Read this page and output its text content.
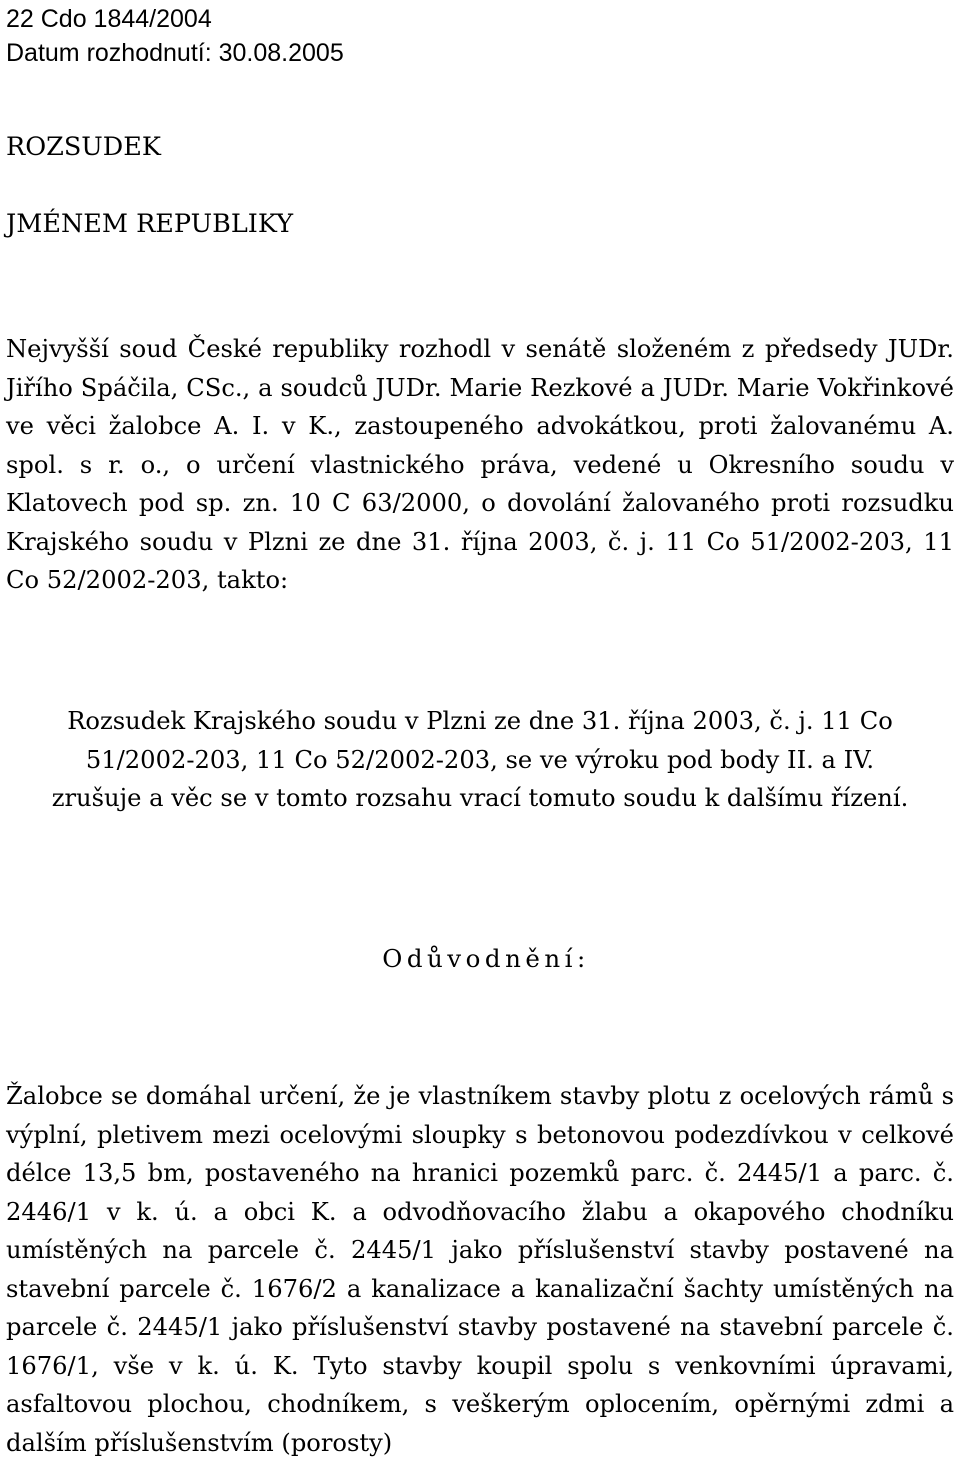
22 Cdo 1844/2004
Datum rozhodnutí: 30.08.2005
ROZSUDEK
JMÉNEM REPUBLIKY

Nejvyšší soud České republiky rozhodl v senátě složeném z předsedy JUDr. Jiřího Spáčila, CSc., a soudců JUDr. Marie Rezkové a JUDr. Marie Vokřinkové ve věci žalobce A. I. v K., zastoupeného advokátkou, proti žalovanému A. spol. s r. o., o určení vlastnického práva, vedené u Okresního soudu v Klatovech pod sp. zn. 10 C 63/2000, o dovolání žalovaného proti rozsudku Krajského soudu v Plzni ze dne 31. října 2003, č. j. 11 Co 51/2002-203, 11 Co 52/2002-203, takto:

Rozsudek Krajského soudu v Plzni ze dne 31. října 2003, č. j. 11 Co 51/2002-203, 11 Co 52/2002-203, se ve výroku pod body II. a IV. zrušuje a věc se v tomto rozsahu vrací tomuto soudu k dalšímu řízení.

Odůvodnění:

Žalobce se domáhal určení, že je vlastníkem stavby plotu z ocelových rámů s výplní, pletivem mezi ocelovými sloupky s betonovou podezdívkou v celkové délce 13,5 bm, postaveného na hranici pozemků parc. č. 2445/1 a parc. č. 2446/1 v k. ú. a obci K. a odvodňovacího žlabu a okapového chodníku umístěných na parcele č. 2445/1 jako příslušenství stavby postavené na stavební parcele č. 1676/2 a kanalizace a kanalizační šachty umístěných na parcele č. 2445/1 jako příslušenství stavby postavené na stavební parcele č. 1676/1, vše v k. ú. K. Tyto stavby koupil spolu s venkovními úpravami, asfaltovou plochou, chodníkem, s veškerým oplocením, opěrnými zdmi a dalším příslušenstvím (porosty)
